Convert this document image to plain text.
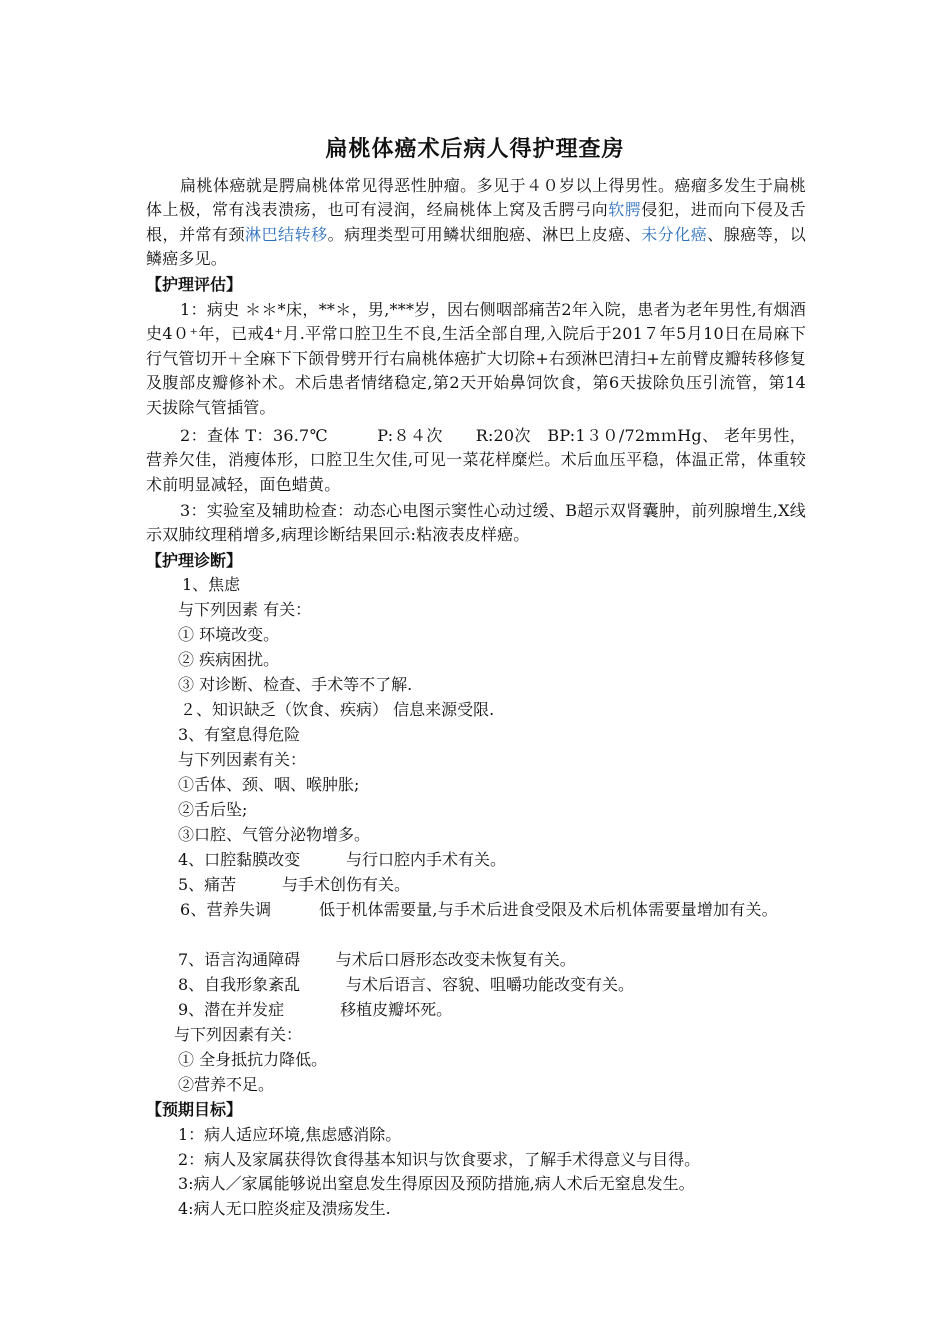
扁桃体癌术后病人得护理查房
扁桃体癌就是腭扁桃体常见得恶性肿瘤。多见于４０岁以上得男性。癌瘤多发生于扁桃体上极，常有浅表溃疡，也可有浸润，经扁桃体上窝及舌腭弓向软腭侵犯，进而向下侵及舌根，并常有颈淋巴结转移。病理类型可用鳞状细胞癌、淋巴上皮癌、未分化癌、腺癌等，以鳞癌多见。
【护理评估】
1：病史 ＊＊*床，**＊，男,***岁，因右侧咽部痛苦2年入院，患者为老年男性,有烟酒史4０⁺年，已戒4⁺月.平常口腔卫生不良,生活全部自理,入院后于201７年5月10日在局麻下行气管切开＋全麻下下颌骨劈开行右扁桃体癌扩大切除+右颈淋巴清扫+左前臂皮瓣转移修复及腹部皮瓣修补术。术后患者情绪稳定,第2天开始鼻饲饮食，第6天拔除负压引流管，第14天拔除气管插管。
2：查体 T：36.7℃　　　P:８４次　　R:20次　BP:1３０/72mｍHg、 老年男性，营养欠佳，消瘦体形，口腔卫生欠佳,可见一菜花样糜烂。术后血压平稳，体温正常，体重较术前明显减轻，面色蜡黄。
3：实验室及辅助检查：动态心电图示窦性心动过缓、B超示双肾囊肿，前列腺增生,X线示双肺纹理稍增多,病理诊断结果回示:粘液表皮样癌。
【护理诊断】
1、焦虑
与下列因素 有关：
① 环境改变。
② 疾病困扰。
③ 对诊断、检查、手术等不了解.
２、知识缺乏（饮食、疾病） 信息来源受限.
3、有窒息得危险
与下列因素有关：
①舌体、颈、咽、喉肿胀;
②舌后坠;
③口腔、气管分泌物增多。
4、口腔黏膜改变         与行口腔内手术有关。
5、痛苦         与手术创伤有关。
6、营养失调         低于机体需要量,与手术后进食受限及术后机体需要量增加有关。
7、语言沟通障碍       与术后口唇形态改变未恢复有关。
8、自我形象紊乱         与术后语言、容貌、咀嚼功能改变有关。
9、潜在并发症           移植皮瓣坏死。
与下列因素有关：
① 全身抵抗力降低。
②营养不足。
【预期目标】
1：病人适应环境,焦虑感消除。
2：病人及家属获得饮食得基本知识与饮食要求，了解手术得意义与目得。
3:病人／家属能够说出窒息发生得原因及预防措施,病人术后无窒息发生。
4:病人无口腔炎症及溃疡发生.
